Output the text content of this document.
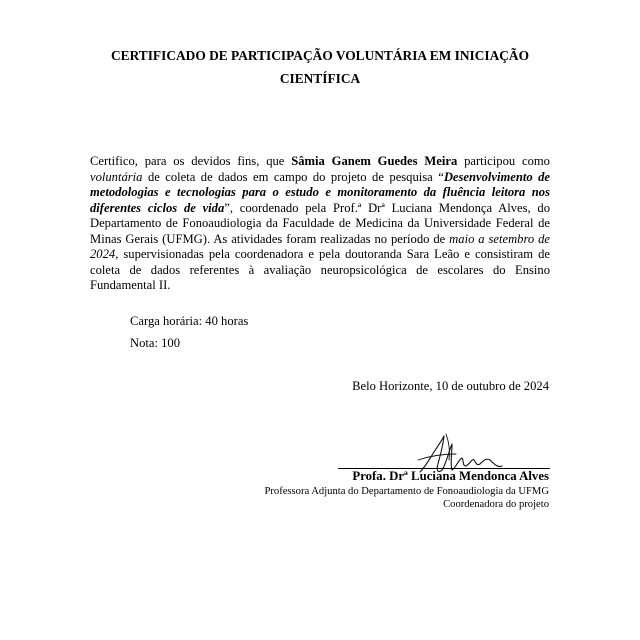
CERTIFICADO DE PARTICIPAÇÃO VOLUNTÁRIA EM INICIAÇÃO CIENTÍFICA
Certifico, para os devidos fins, que Sâmia Ganem Guedes Meira participou como voluntária de coleta de dados em campo do projeto de pesquisa “Desenvolvimento de metodologias e tecnologias para o estudo e monitoramento da fluência leitora nos diferentes ciclos de vida”, coordenado pela Prof.ª Drª Luciana Mendonça Alves, do Departamento de Fonoaudiologia da Faculdade de Medicina da Universidade Federal de Minas Gerais (UFMG). As atividades foram realizadas no período de maio a setembro de 2024, supervisionadas pela coordenadora e pela doutoranda Sara Leão e consistiram de coleta de dados referentes à avaliação neuropsicológica de escolares do Ensino Fundamental II.
Carga horária: 40 horas
Nota: 100
Belo Horizonte, 10 de outubro de 2024
Profa. Drª Luciana Mendonca Alves
Professora Adjunta do Departamento de Fonoaudiologia da UFMG
Coordenadora do projeto
